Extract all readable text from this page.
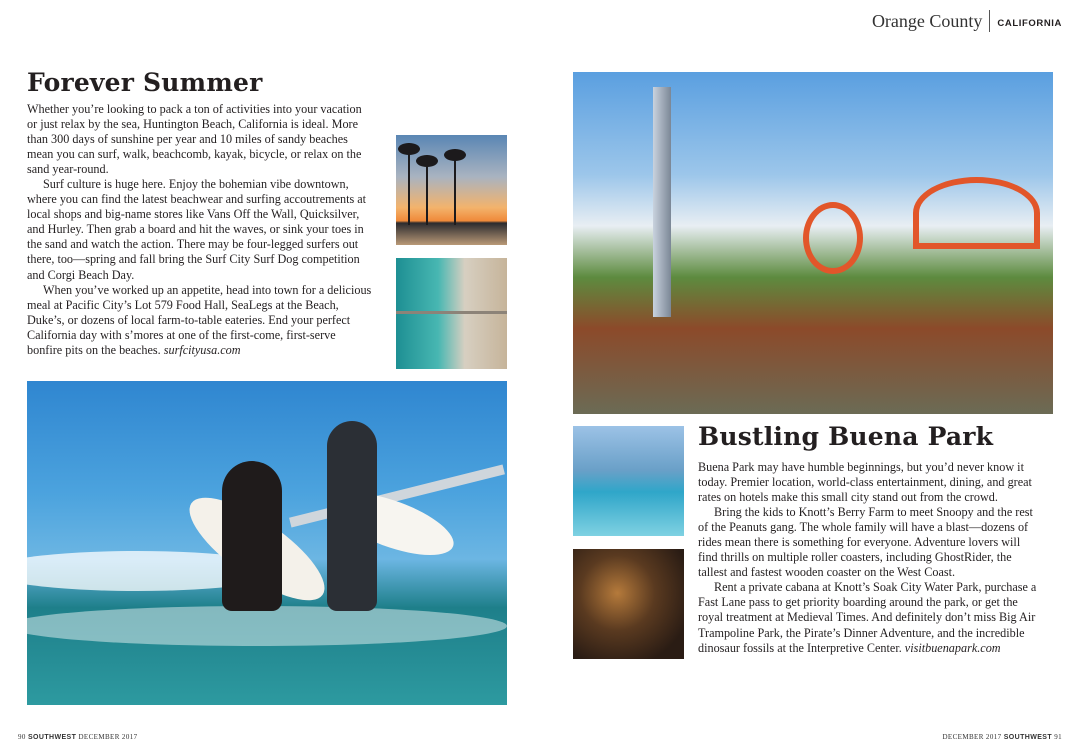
Orange County CALIFORNIA
Forever Summer

Whether you’re looking to pack a ton of activities into your vacation or just relax by the sea, Huntington Beach, California is ideal. More than 300 days of sunshine per year and 10 miles of sandy beaches mean you can surf, walk, beachcomb, kayak, bicycle, or relax on the sand year-round.

Surf culture is huge here. Enjoy the bohemian vibe downtown, where you can find the latest beachwear and surfing accoutrements at local shops and big-name stores like Vans Off the Wall, Quicksilver, and Hurley. Then grab a board and hit the waves, or sink your toes in the sand and watch the action. There may be four-legged surfers out there, too—spring and fall bring the Surf City Surf Dog competition and Corgi Beach Day.

When you’ve worked up an appetite, head into town for a delicious meal at Pacific City’s Lot 579 Food Hall, SeaLegs at the Beach, Duke’s, or dozens of local farm-to-table eateries. End your perfect California day with s’mores at one of the first-come, first-serve bonfire pits on the beaches. surfcityusa.com

Bustling Buena Park

Buena Park may have humble beginnings, but you’d never know it today. Premier location, world-class entertainment, dining, and great rates on hotels make this small city stand out from the crowd.

Bring the kids to Knott’s Berry Farm to meet Snoopy and the rest of the Peanuts gang. The whole family will have a blast—dozens of rides mean there is something for everyone. Adventure lovers will find thrills on multiple roller coasters, including GhostRider, the tallest and fastest wooden coaster on the West Coast.

Rent a private cabana at Knott’s Soak City Water Park, purchase a Fast Lane pass to get priority boarding around the park, or get the royal treatment at Medieval Times. And definitely don’t miss Big Air Trampoline Park, the Pirate’s Dinner Adventure, and the incredible dinosaur fossils at the Interpretive Center. visitbuenapark.com

90 SOUTHWEST DECEMBER 2017	DECEMBER 2017 SOUTHWEST 91
